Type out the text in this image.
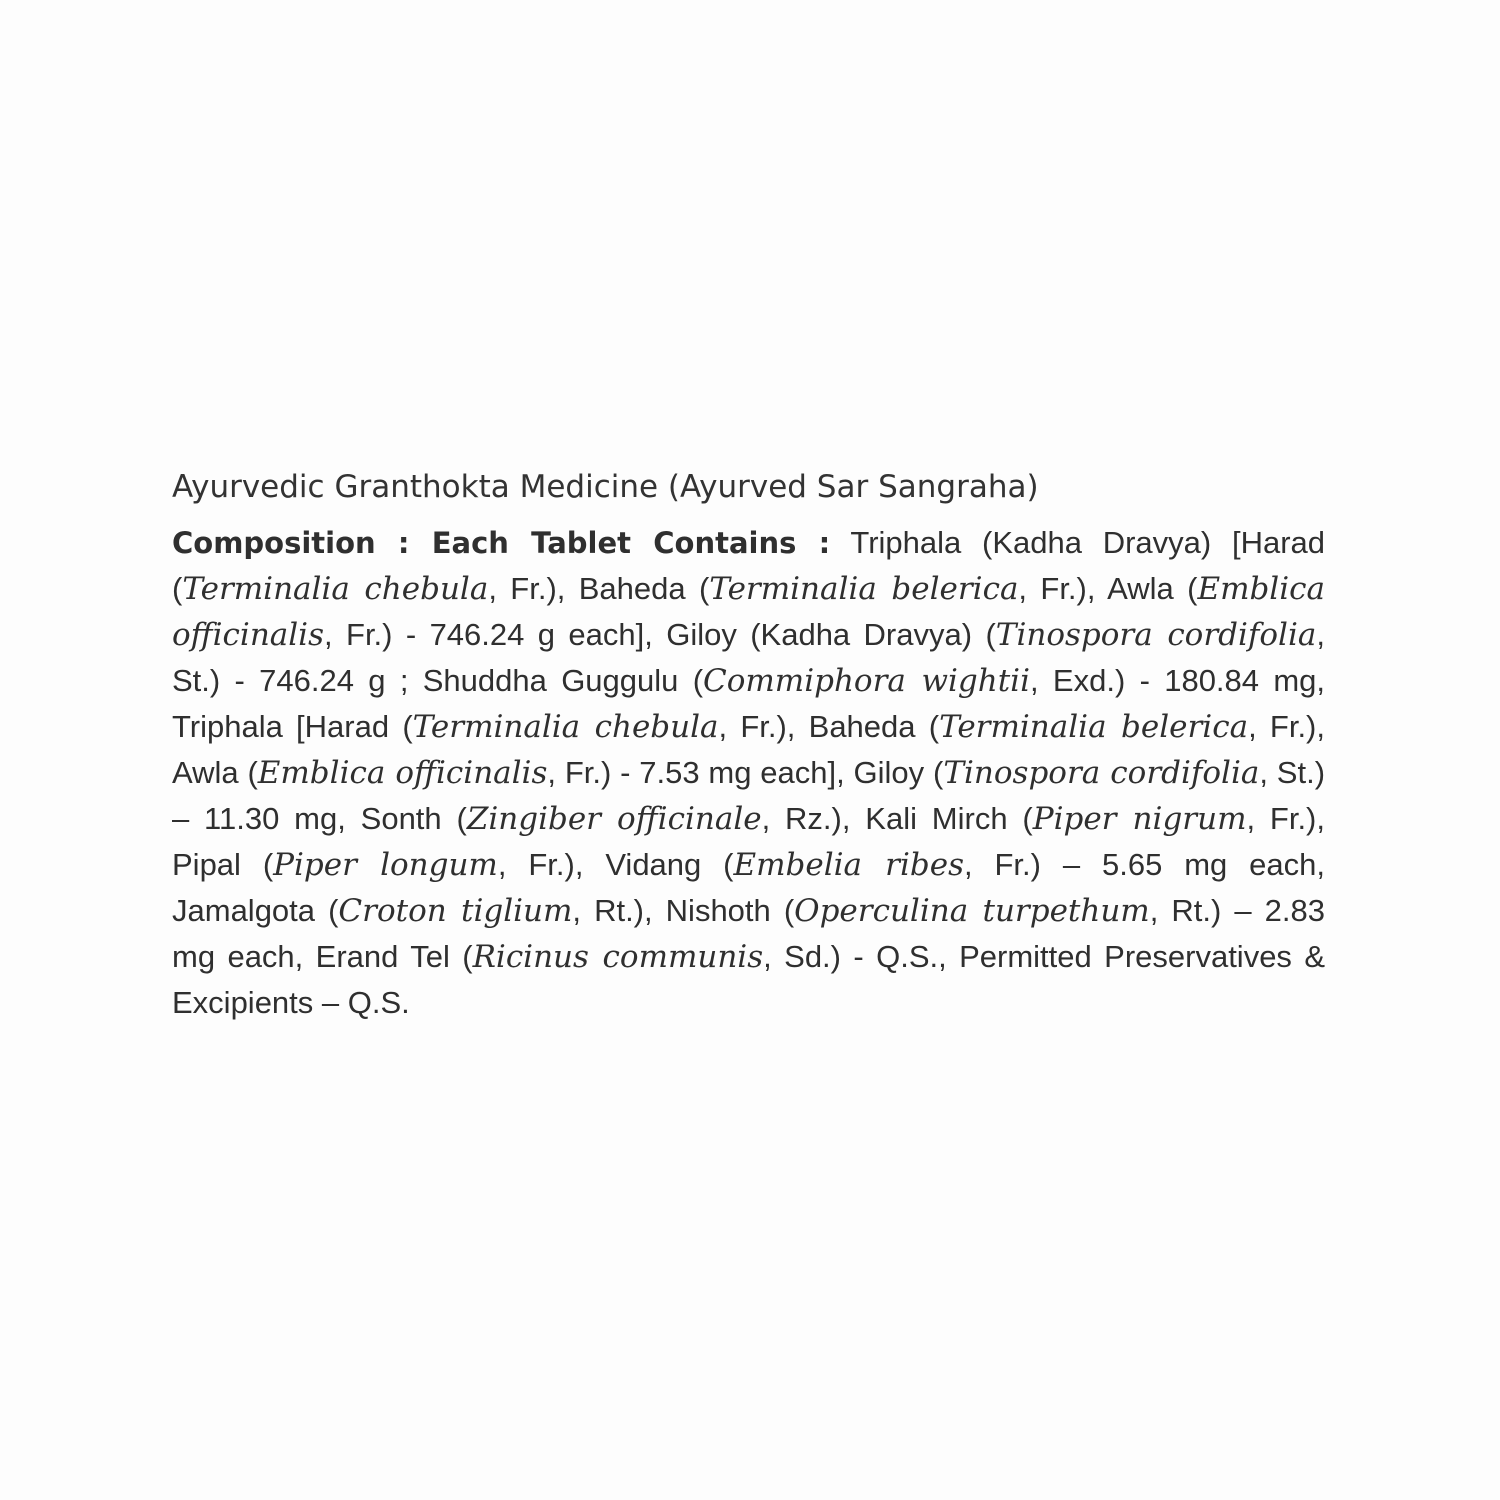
Ayurvedic Granthokta Medicine (Ayurved Sar Sangraha)

Composition : Each Tablet Contains : Triphala (Kadha Dravya) [Harad (Terminalia chebula, Fr.), Baheda (Terminalia belerica, Fr.), Awla (Emblica officinalis, Fr.) - 746.24 g each], Giloy (Kadha Dravya) (Tinospora cordifolia, St.) - 746.24 g ; Shuddha Guggulu (Commiphora wightii, Exd.) - 180.84 mg, Triphala [Harad (Terminalia chebula, Fr.), Baheda (Terminalia belerica, Fr.), Awla (Emblica officinalis, Fr.) - 7.53 mg each], Giloy (Tinospora cordifolia, St.) – 11.30 mg, Sonth (Zingiber officinale, Rz.), Kali Mirch (Piper nigrum, Fr.), Pipal (Piper longum, Fr.), Vidang (Embelia ribes, Fr.) – 5.65 mg each, Jamalgota (Croton tiglium, Rt.), Nishoth (Operculina turpethum, Rt.) – 2.83 mg each, Erand Tel (Ricinus communis, Sd.) - Q.S., Permitted Preservatives & Excipients – Q.S.
